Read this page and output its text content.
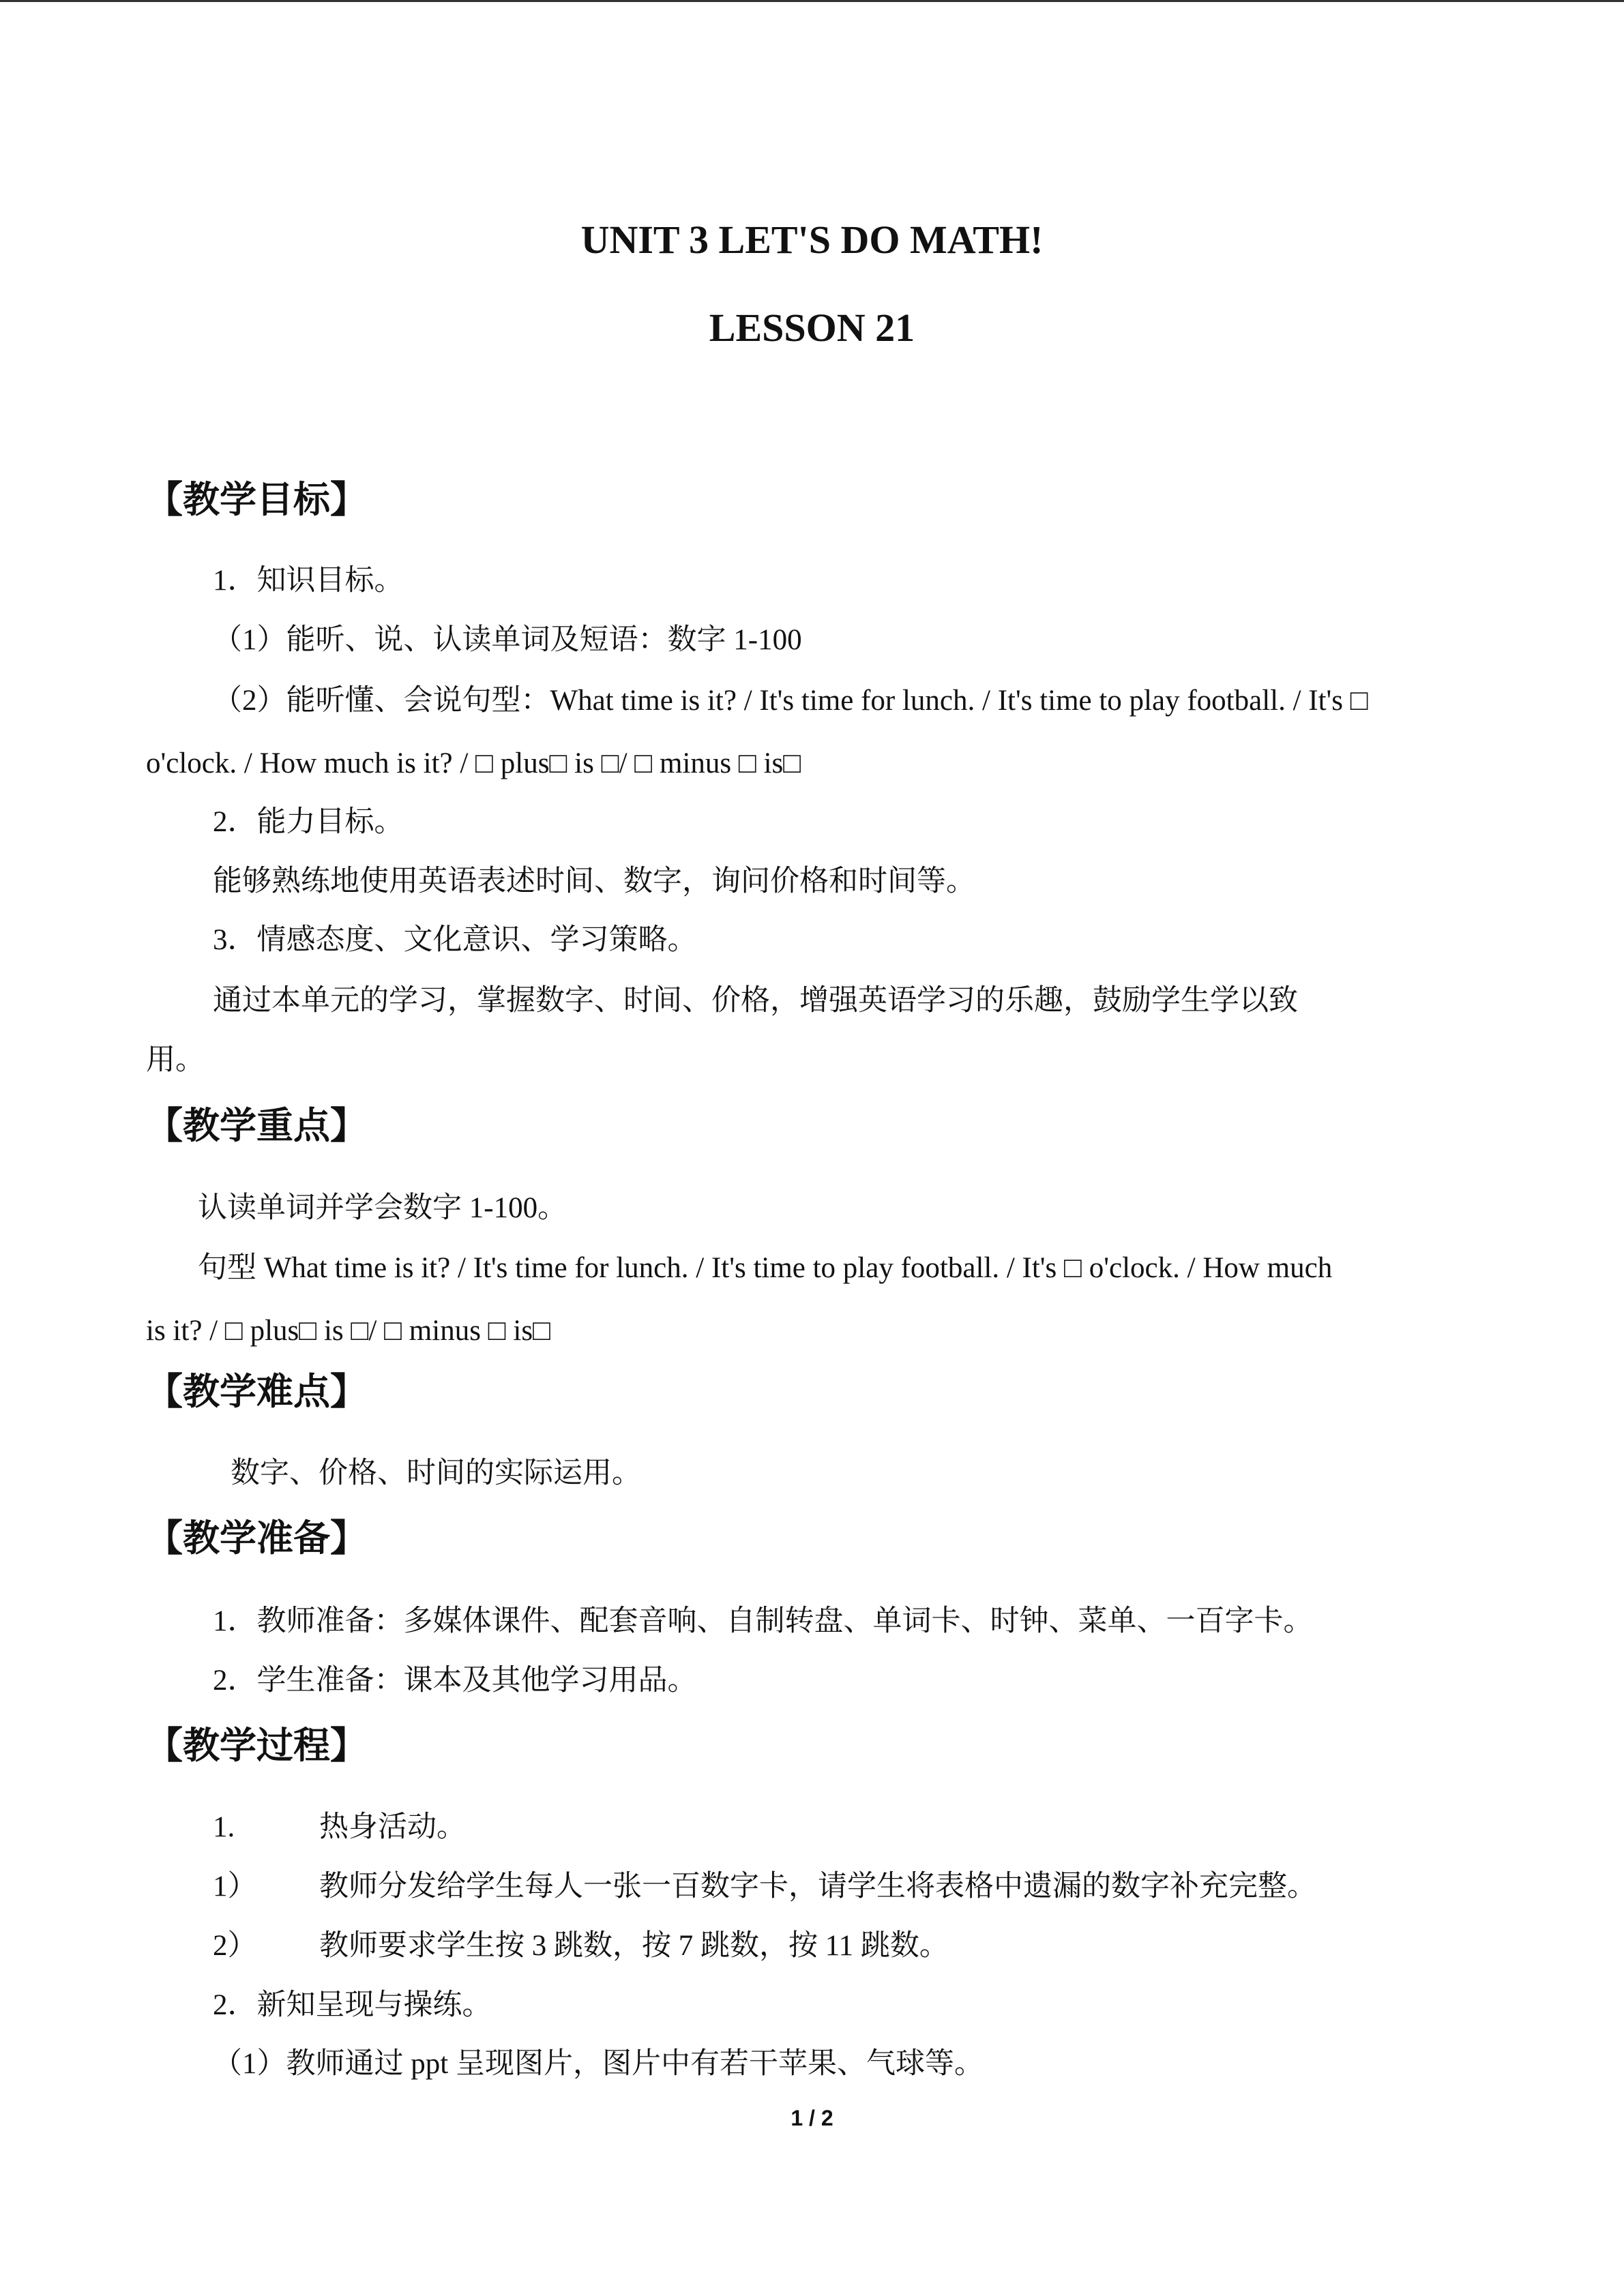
UNIT 3 LET'S DO MATH!
LESSON 21
【教学目标】
1．知识目标。
（1）能听、说、认读单词及短语：数字 1-100
（2）能听懂、会说句型：What time is it? / It's time for lunch. / It's time to play football. / It's □
o'clock. / How much is it? / □ plus□ is □/ □ minus □ is□
2．能力目标。
能够熟练地使用英语表述时间、数字，询问价格和时间等。
3．情感态度、文化意识、学习策略。
通过本单元的学习，掌握数字、时间、价格，增强英语学习的乐趣，鼓励学生学以致
用。
【教学重点】
认读单词并学会数字 1-100。
句型 What time is it? / It's time for lunch. / It's time to play football. / It's □ o'clock. / How much
is it? / □ plus□ is □/ □ minus □ is□
【教学难点】
数字、价格、时间的实际运用。
【教学准备】
1．教师准备：多媒体课件、配套音响、自制转盘、单词卡、时钟、菜单、一百字卡。
2．学生准备：课本及其他学习用品。
【教学过程】
1.	热身活动。
1） 教师分发给学生每人一张一百数字卡，请学生将表格中遗漏的数字补充完整。
2） 教师要求学生按 3 跳数，按 7 跳数，按 11 跳数。
2．新知呈现与操练。
（1）教师通过 ppt 呈现图片，图片中有若干苹果、气球等。
1 / 2
